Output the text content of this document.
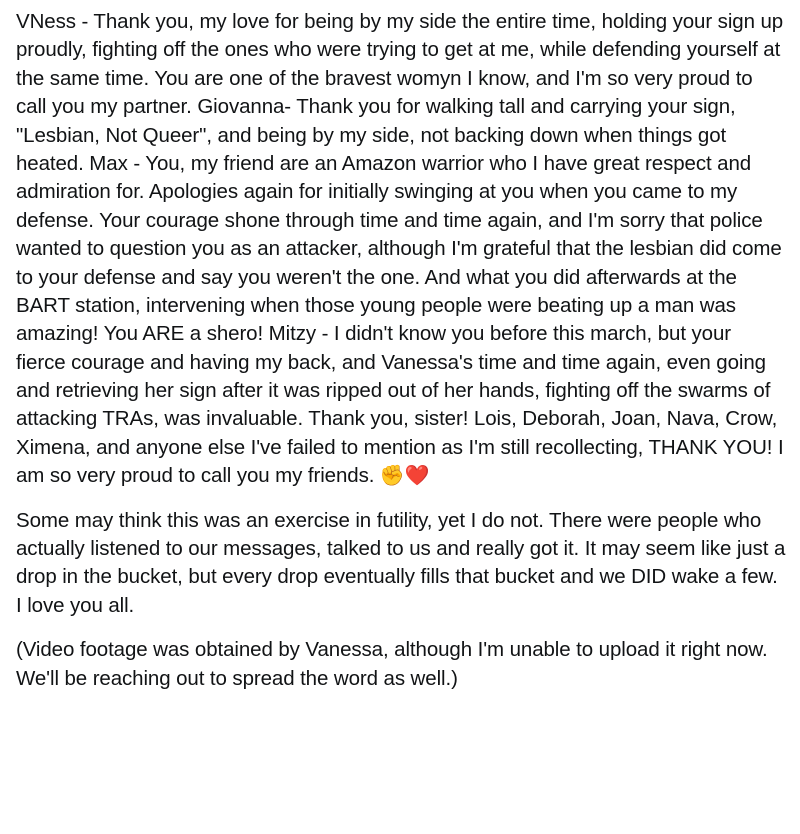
VNess - Thank you, my love for being by my side the entire time, holding your sign up proudly, fighting off the ones who were trying to get at me, while defending yourself at the same time. You are one of the bravest womyn I know, and I'm so very proud to call you my partner. Giovanna- Thank you for walking tall and carrying your sign, "Lesbian, Not Queer", and being by my side, not backing down when things got heated. Max - You, my friend are an Amazon warrior who I have great respect and admiration for. Apologies again for initially swinging at you when you came to my defense. Your courage shone through time and time again, and I'm sorry that police wanted to question you as an attacker, although I'm grateful that the lesbian did come to your defense and say you weren't the one. And what you did afterwards at the BART station, intervening when those young people were beating up a man was amazing! You ARE a shero! Mitzy - I didn't know you before this march, but your fierce courage and having my back, and Vanessa's time and time again, even going and retrieving her sign after it was ripped out of her hands, fighting off the swarms of attacking TRAs, was invaluable. Thank you, sister! Lois, Deborah, Joan, Nava, Crow, Ximena, and anyone else I've failed to mention as I'm still recollecting, THANK YOU! I am so very proud to call you my friends. ✊❤️

Some may think this was an exercise in futility, yet I do not. There were people who actually listened to our messages, talked to us and really got it. It may seem like just a drop in the bucket, but every drop eventually fills that bucket and we DID wake a few. I love you all.

(Video footage was obtained by Vanessa, although I'm unable to upload it right now. We'll be reaching out to spread the word as well.)
